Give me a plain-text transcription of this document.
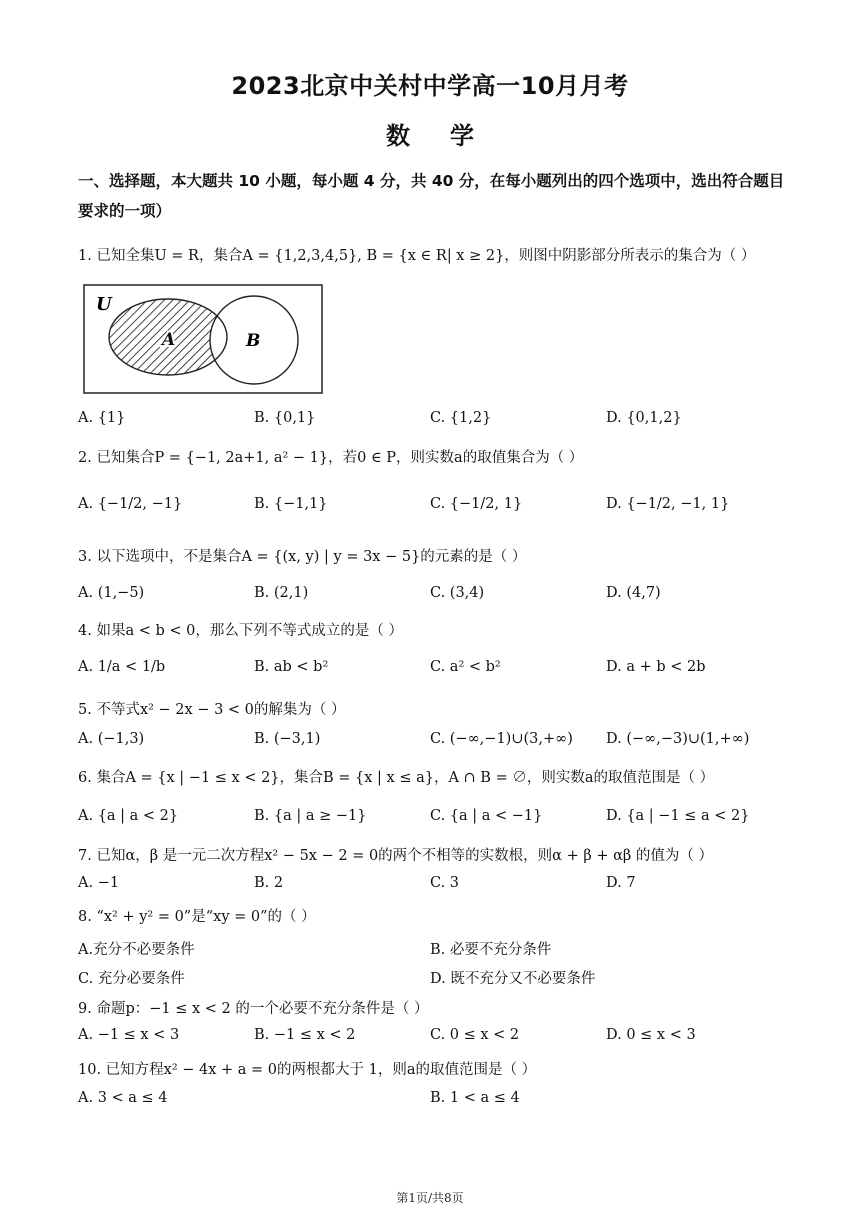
2023北京中关村中学高一10月月考
数学
一、选择题，本大题共 10 小题，每小题 4 分，共 40 分，在每小题列出的四个选项中，选出符合题目要求的一项）
1. 已知全集U = R，集合A = {1,2,3,4,5}, B = {x ∈ R| x ≥ 2}，则图中阴影部分所表示的集合为（ ）
U
A	B
A. {1}	B. {0,1}	C. {1,2}	D. {0,1,2}
2. 已知集合P = {−1, 2a+1, a² − 1}，若0 ∈ P，则实数a的取值集合为（ ）
A. {−1/2, −1}	B. {−1,1}	C. {−1/2, 1}	D. {−1/2, −1, 1}
3. 以下选项中，不是集合A = {(x, y) | y = 3x − 5}的元素的是（ ）
A. (1,−5)	B. (2,1)	C. (3,4)	D. (4,7)
4. 如果a < b < 0，那么下列不等式成立的是（ ）
A. 1/a < 1/b	B. ab < b²	C. a² < b²	D. a + b < 2b
5. 不等式x² − 2x − 3 < 0的解集为（ ）
A. (−1,3)	B. (−3,1)	C. (−∞,−1)∪(3,+∞) D. (−∞,−3)∪(1,+∞)
6. 集合A = {x | −1 ≤ x < 2}，集合B = {x | x ≤ a}，A ∩ B = ∅，则实数a的取值范围是（ ）
A. {a | a < 2}	B. {a | a ≥ −1}	C. {a | a < −1}	D. {a | −1 ≤ a < 2}
7. 已知α，β 是一元二次方程x² − 5x − 2 = 0的两个不相等的实数根，则α + β + αβ 的值为（ ）
A. −1	B. 2	C. 3	D. 7
8. “x² + y² = 0”是“xy = 0”的（ ）
A.充分不必要条件	B. 必要不充分条件
C. 充分必要条件	D. 既不充分又不必要条件
9. 命题p：−1 ≤ x < 2 的一个必要不充分条件是（ ）
A. −1 ≤ x < 3	B. −1 ≤ x < 2	C. 0 ≤ x < 2	D. 0 ≤ x < 3
10. 已知方程x² − 4x + a = 0的两根都大于 1，则a的取值范围是（ ）
A. 3 < a ≤ 4	B. 1 < a ≤ 4
第1页/共8页
